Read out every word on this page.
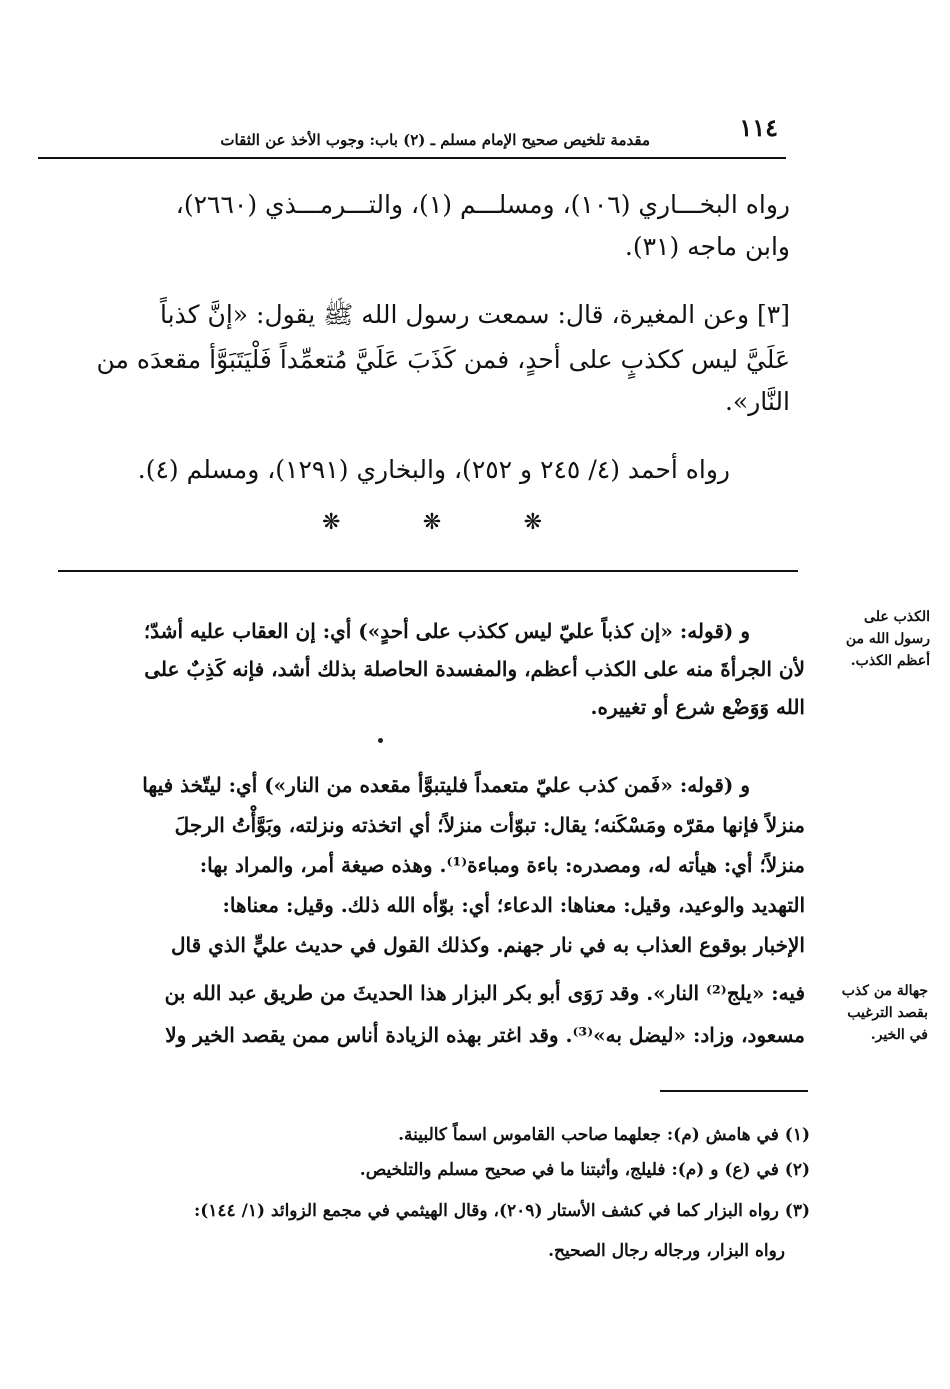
١١٤
مقدمة تلخيص صحيح الإمام مسلم ـ (٢) باب: وجوب الأخذ عن الثقات
رواه البخـــاري (١٠٦)، ومسلـــم (١)، والتـــرمـــذي (٢٦٦٠)،
وابن ماجه (٣١).
[٣] وعن المغيرة، قال: سمعت رسول الله ﷺ يقول: «إنَّ كذباً
عَلَيَّ ليس ككذبٍ على أحدٍ، فمن كَذَبَ عَلَيَّ مُتعمِّداً فَلْيَتَبَوَّأ مقعدَه من
النَّار».
رواه أحمد (٤/ ٢٤٥ و ٢٥٢)، والبخاري (١٢٩١)، ومسلم (٤).
❋	❋	❋
و (قوله: «إن كذباً عليّ ليس ككذب على أحدٍ») أي: إن العقاب عليه أشدّ؛
لأن الجرأةَ منه على الكذب أعظم، والمفسدة الحاصلة بذلك أشد، فإنه كَذِبٌ على
الله وَوَضْع شرع أو تغييره.
و (قوله: «فَمن كذب عليّ متعمداً فليتبوَّأ مقعده من النار») أي: ليتّخذ فيها
منزلاً فإنها مقرّه ومَسْكَنه؛ يقال: تبوّأت منزلاً؛ أي اتخذته ونزلته، وبَوَّأْتُ الرجلَ
منزلاً؛ أي: هيأته له، ومصدره: باءة ومباءة⁽¹⁾. وهذه صيغة أمر، والمراد بها:
التهديد والوعيد، وقيل: معناها: الدعاء؛ أي: بوّأه الله ذلك. وقيل: معناها:
الإخبار بوقوع العذاب به في نار جهنم. وكذلك القول في حديث عليٍّ الذي قال
فيه: «يلج⁽²⁾ النار». وقد رَوَى أبو بكر البزار هذا الحديثَ من طريق عبد الله بن
مسعود، وزاد: «ليضل به»⁽³⁾. وقد اغتر بهذه الزيادة أناس ممن يقصد الخير ولا
الكذب على
رسول الله من
أعظم الكذب.
جهالة من كذب
بقصد الترغيب
في الخير.
(١) في هامش (م): جعلهما صاحب القاموس اسماً كالبينة.
(٢) في (ع) و (م): فليلج، وأثبتنا ما في صحيح مسلم والتلخيص.
(٣) رواه البزار كما في كشف الأستار (٢٠٩)، وقال الهيثمي في مجمع الزوائد (١/ ١٤٤):
رواه البزار، ورجاله رجال الصحيح.
